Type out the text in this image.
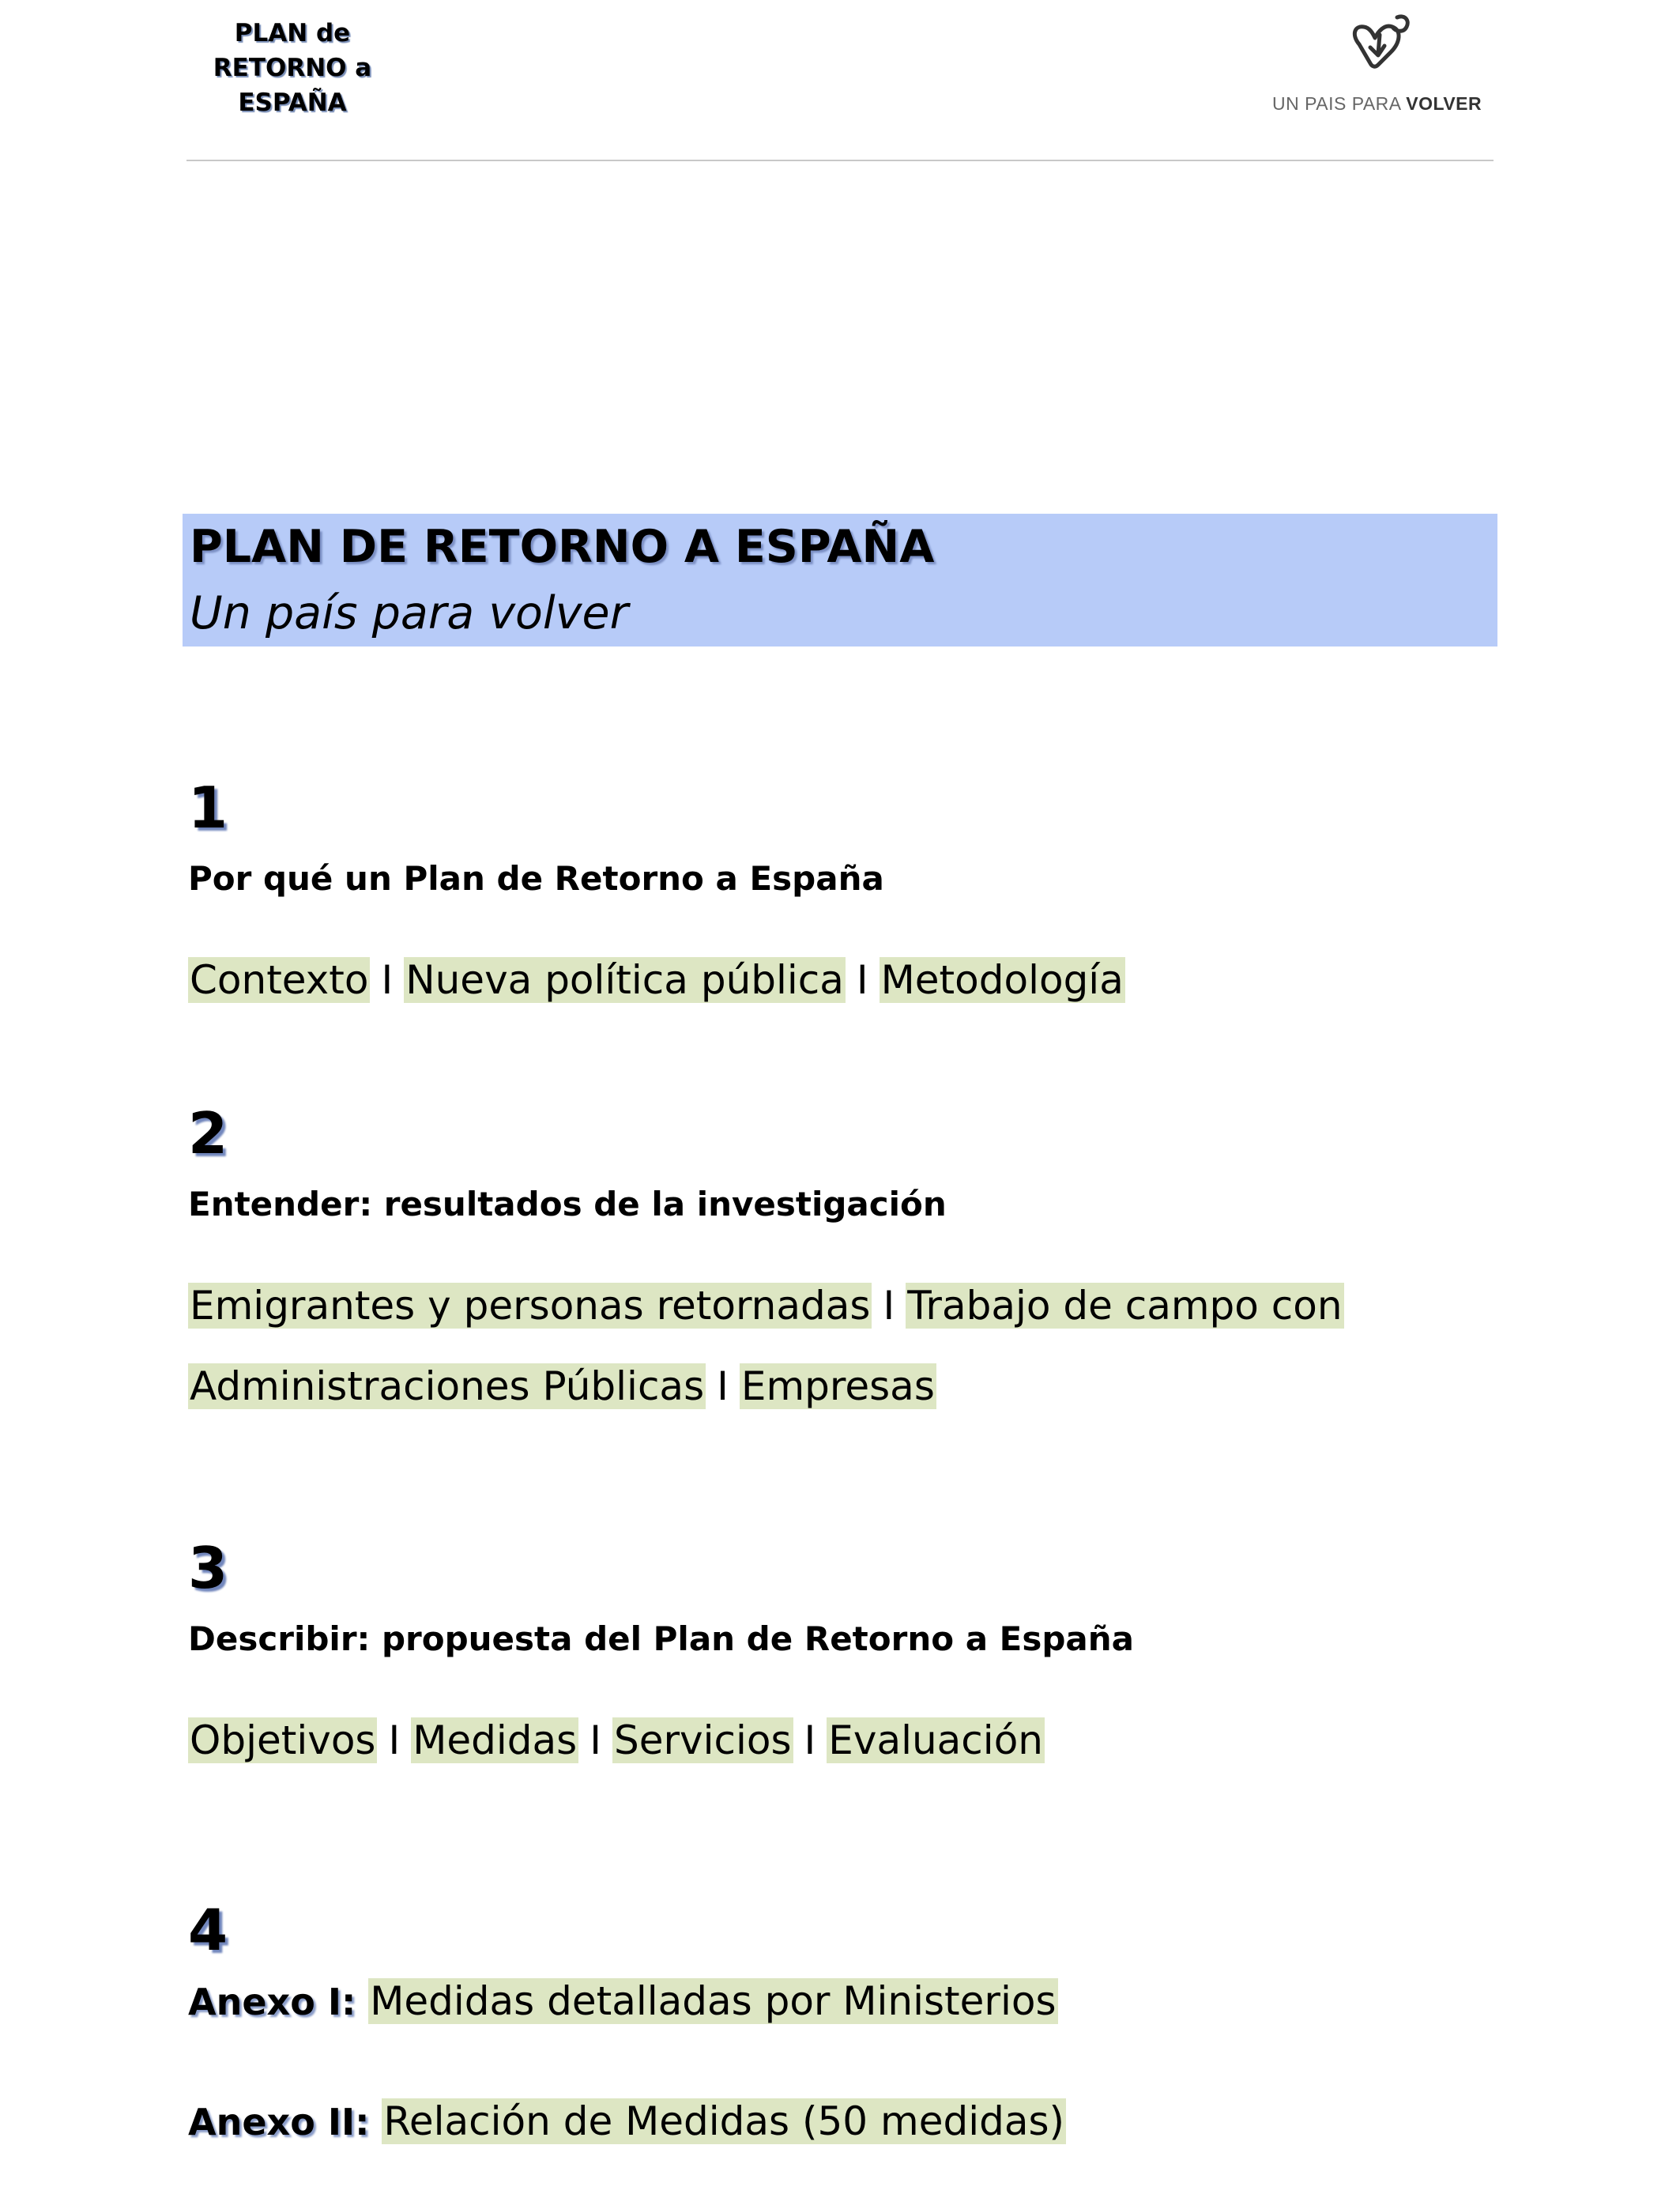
PLAN de
RETORNO a
ESPAÑA	UN PAIS PARA VOLVER
PLAN DE RETORNO A ESPAÑA
Un país para volver
1
Por qué un Plan de Retorno a España
Contexto I Nueva política pública I Metodología
2
Entender: resultados de la investigación
Emigrantes y personas retornadas I Trabajo de campo con
Administraciones Públicas I Empresas
3
Describir: propuesta del Plan de Retorno a España
Objetivos I Medidas I Servicios I Evaluación
4
Anexo I: Medidas detalladas por Ministerios
Anexo II: Relación de Medidas (50 medidas)
